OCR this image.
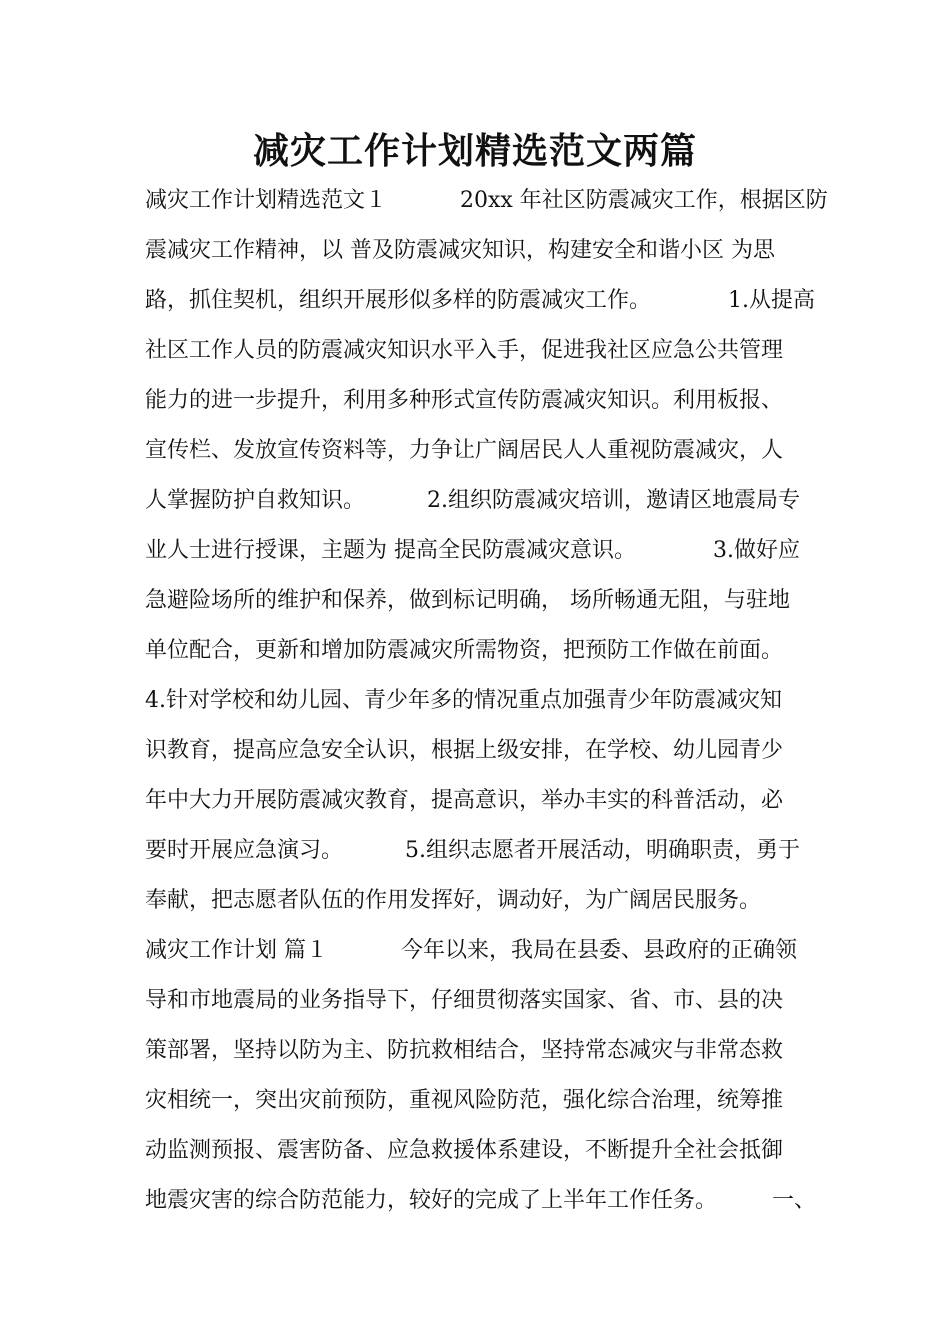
减灾工作计划精选范文两篇
减灾工作计划精选范文１　　　 20xx 年社区防震减灾工作，根据区防
震减灾工作精神，以 普及防震减灾知识，构建安全和谐小区 为思
路，抓住契机，组织开展形似多样的防震减灾工作。　　　　1.从提高
社区工作人员的防震减灾知识水平入手，促进我社区应急公共管理
能力的进一步提升，利用多种形式宣传防震减灾知识。利用板报、
宣传栏、发放宣传资料等，力争让广阔居民人人重视防震减灾，人
人掌握防护自救知识。　　　 2.组织防震减灾培训，邀请区地震局专
业人士进行授课，主题为 提高全民防震减灾意识。　　　　3.做好应
急避险场所的维护和保养，做到标记明确， 场所畅通无阻，与驻地
单位配合，更新和增加防震减灾所需物资，把预防工作做在前面。
4.针对学校和幼儿园、青少年多的情况重点加强青少年防震减灾知
识教育，提高应急安全认识，根据上级安排，在学校、幼儿园青少
年中大力开展防震减灾教育，提高意识，举办丰实的科普活动，必
要时开展应急演习。　　　 5.组织志愿者开展活动，明确职责，勇于
奉献，把志愿者队伍的作用发挥好，调动好，为广阔居民服务。
减灾工作计划 篇１　　　 今年以来，我局在县委、县政府的正确领
导和市地震局的业务指导下，仔细贯彻落实国家、省、市、县的决
策部署，坚持以防为主、防抗救相结合，坚持常态减灾与非常态救
灾相统一，突出灾前预防，重视风险防范，强化综合治理，统筹推
动监测预报、震害防备、应急救援体系建设，不断提升全社会抵御
地震灾害的综合防范能力，较好的完成了上半年工作任务。　　　一、
